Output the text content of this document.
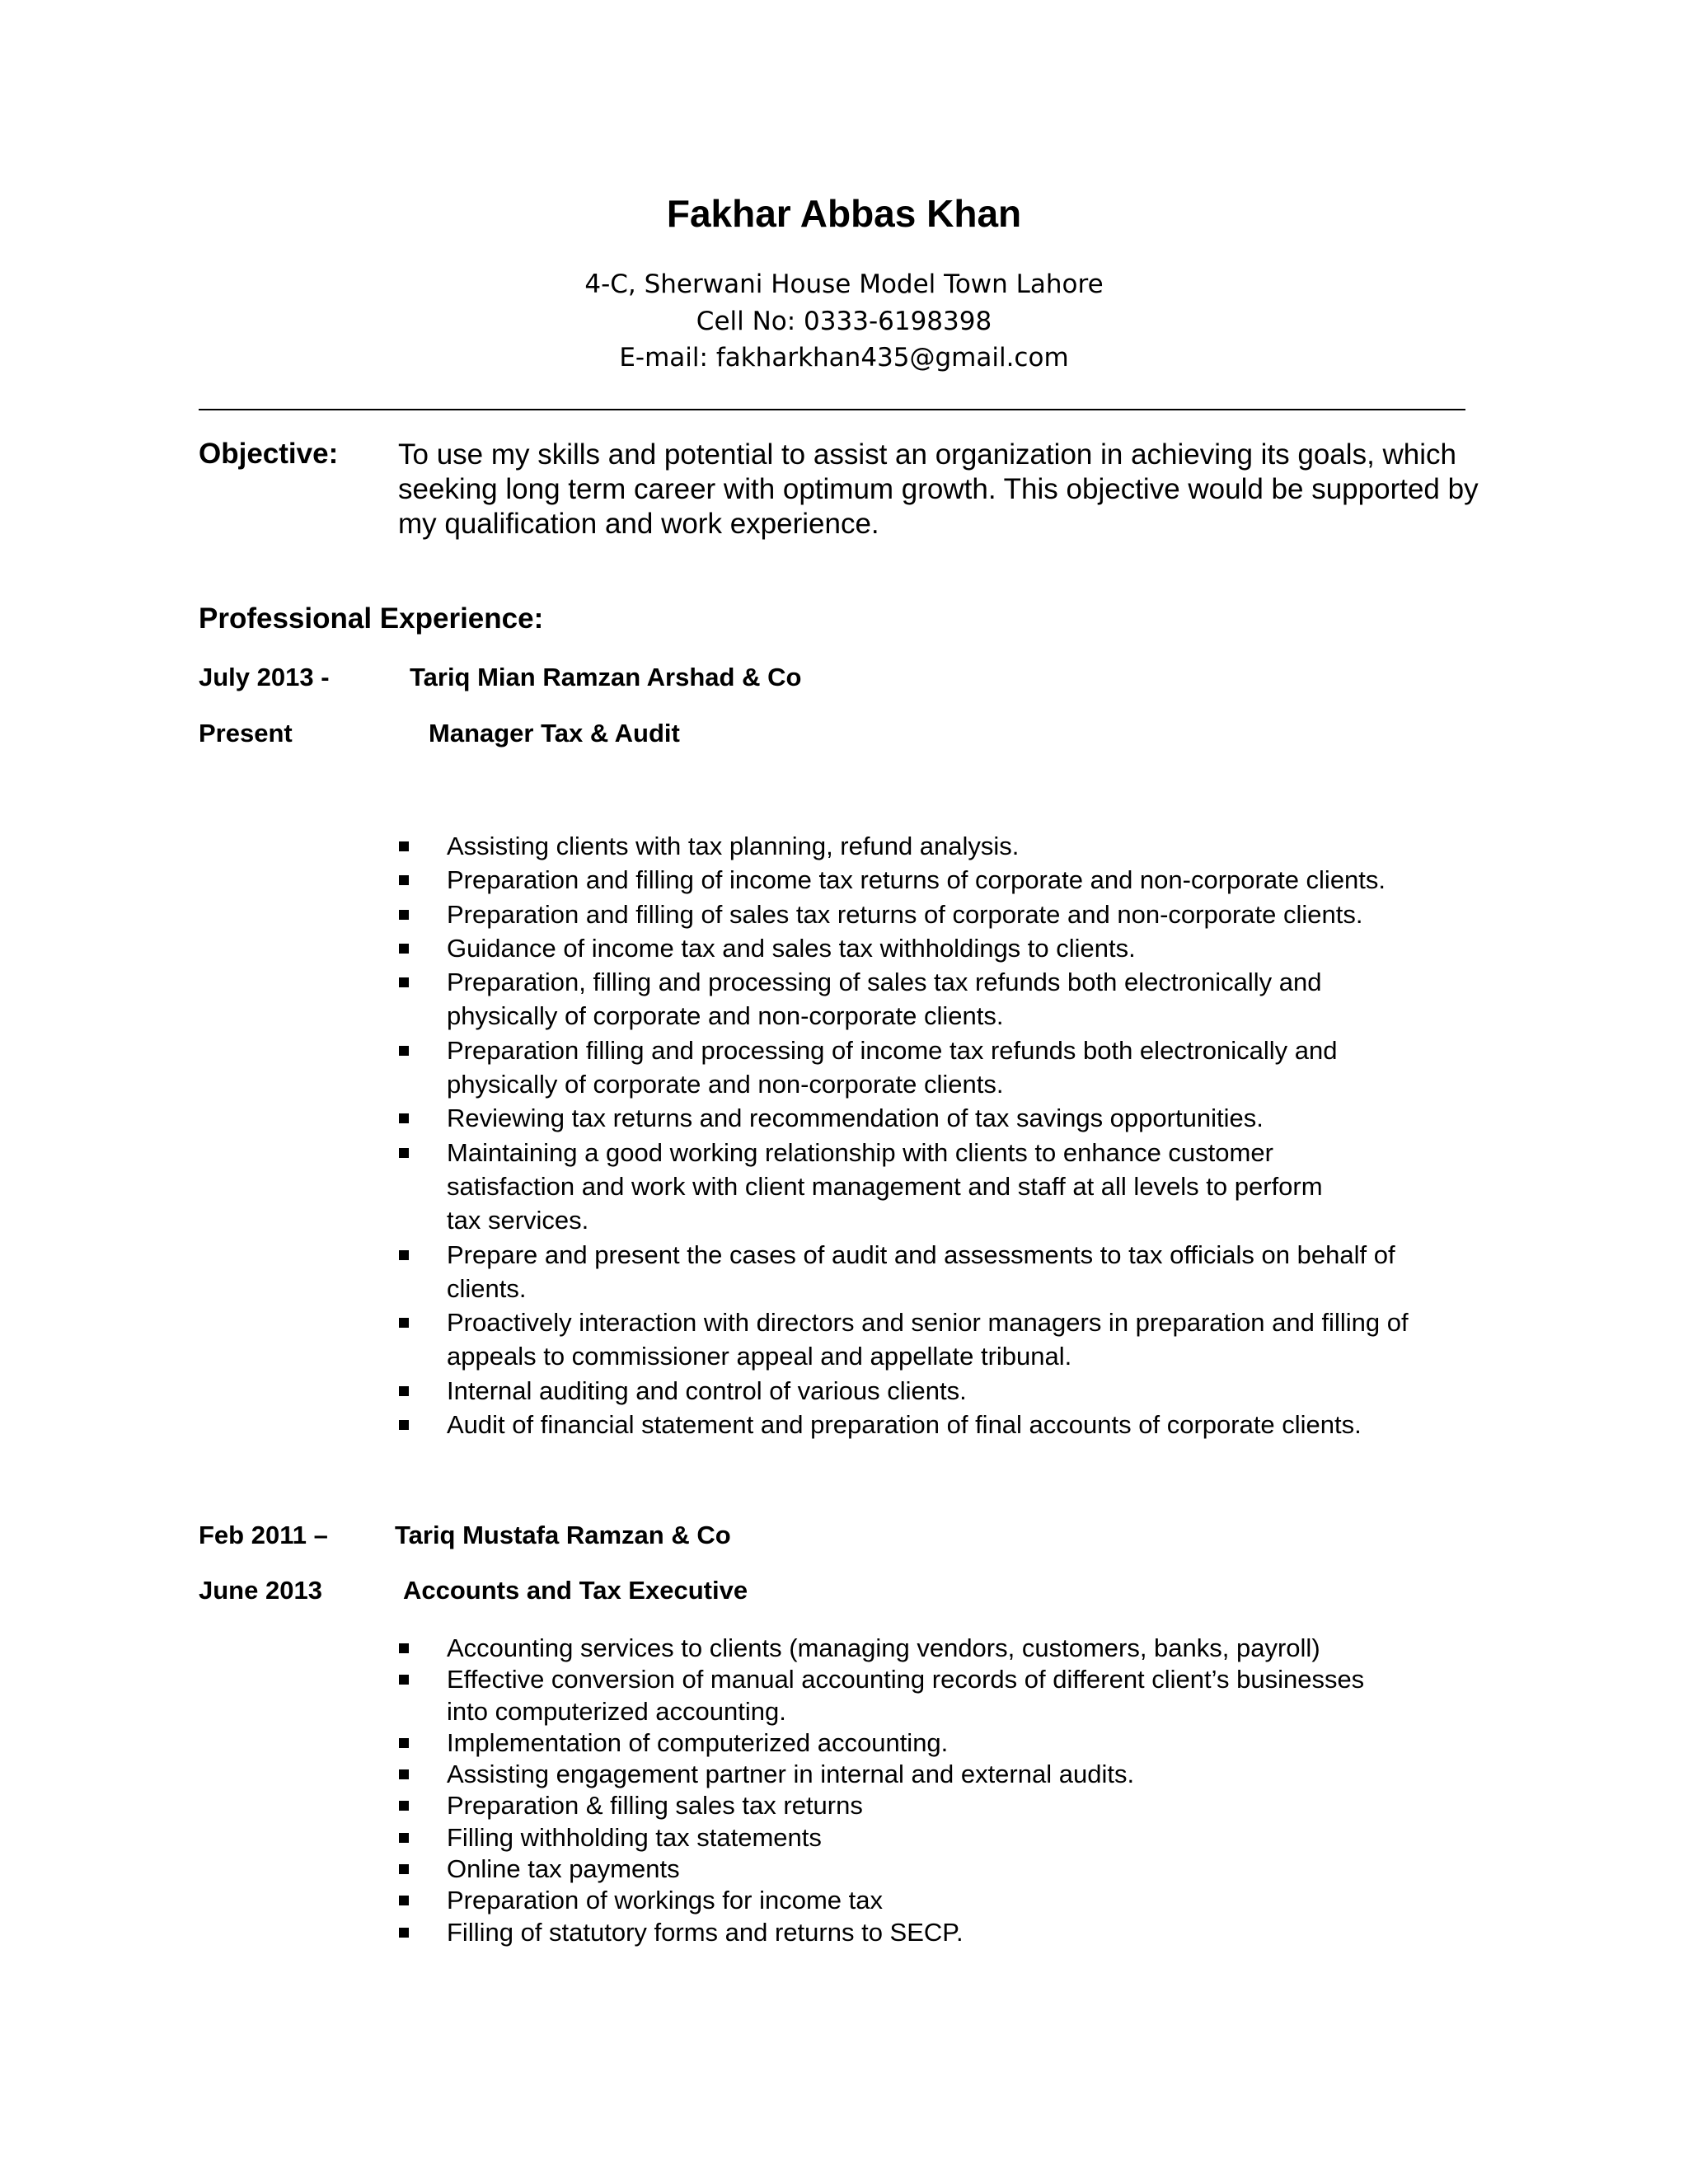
Fakhar Abbas Khan
4-C, Sherwani House Model Town Lahore
Cell No: 0333-6198398
E-mail: fakharkhan435@gmail.com
Objective: To use my skills and potential to assist an organization in achieving its goals, which seeking long term career with optimum growth. This objective would be supported by my qualification and work experience.
Professional Experience:
July 2013 -	Tariq Mian Ramzan Arshad & Co
Present	Manager Tax & Audit
Assisting clients with tax planning, refund analysis.
Preparation and filling of income tax returns of corporate and non-corporate clients.
Preparation and filling of sales tax returns of corporate and non-corporate clients.
Guidance of income tax and sales tax withholdings to clients.
Preparation, filling and processing of sales tax refunds both electronically and
physically of corporate and non-corporate clients.
Preparation filling and processing of income tax refunds both electronically and
physically of corporate and non-corporate clients.
Reviewing tax returns and recommendation of tax savings opportunities.
Maintaining a good working relationship with clients to enhance customer
satisfaction and work with client management and staff at all levels to perform
tax services.
Prepare and present the cases of audit and assessments to tax officials on behalf of
clients.
Proactively interaction with directors and senior managers in preparation and filling of
appeals to commissioner appeal and appellate tribunal.
Internal auditing and control of various clients.
Audit of financial statement and preparation of final accounts of corporate clients.
Feb 2011 –	Tariq Mustafa Ramzan & Co
June 2013	Accounts and Tax Executive
Accounting services to clients (managing vendors, customers, banks, payroll)
Effective conversion of manual accounting records of different client’s businesses
into computerized accounting.
Implementation of computerized accounting.
Assisting engagement partner in internal and external audits.
Preparation & filling sales tax returns
Filling withholding tax statements
Online tax payments
Preparation of workings for income tax
Filling of statutory forms and returns to SECP.
